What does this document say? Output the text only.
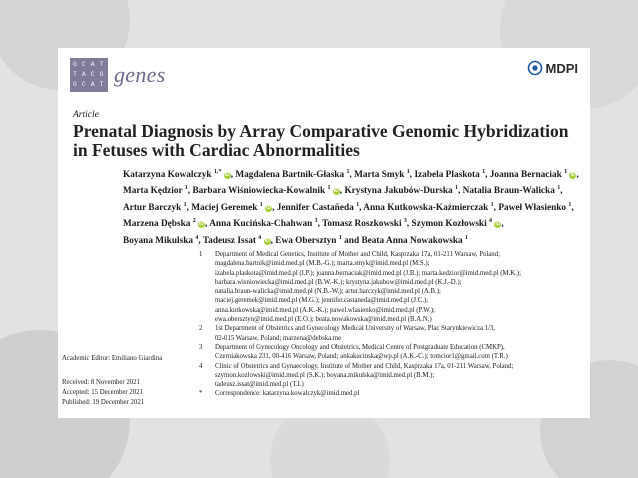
G C A T
T A C G
G C A T genes	MDPI
Article
Prenatal Diagnosis by Array Comparative Genomic Hybridization in Fetuses with Cardiac Abnormalities
Katarzyna Kowalczyk $^{1,*}$ iD, Magdalena Bartnik-Głaska $^1$, Marta Smyk $^1$, Izabela Plaskota $^1$, Joanna Bernaciak $^1$ iD,
Marta Kędzior $^1$, Barbara Wiśniowiecka-Kowalnik $^1$ iD, Krystyna Jakubów-Durska $^1$, Natalia Braun-Walicka $^1$,
Artur Barczyk $^1$, Maciej Geremek $^1$ iD, Jennifer Castañeda $^1$, Anna Kutkowska-Kaźmierczak $^1$, Paweł Własienko $^1$,
Marzena Dębska $^2$ iD, Anna Kucińska-Chahwan $^3$, Tomasz Roszkowski $^3$, Szymon Kozłowski $^4$ iD,
Boyana Mikulska $^4$, Tadeusz Issat $^4$ iD, Ewa Obersztyn $^1$ and Beata Anna Nowakowska $^1$
1	Department of Medical Genetics, Institute of Mother and Child, Kasprzaka 17a, 01-211 Warsaw, Poland;
magdalena.bartnik@imid.med.pl (M.B.-G.); marta.smyk@imid.med.pl (M.S.);
izabela.plaskota@imid.med.pl (I.P.); joanna.bernaciak@imid.med.pl (J.B.); marta.kedzior@imid.med.pl (M.K.);
barbara.wisniowiecka@imid.med.pl (B.W.-K.); krystyna.jakubow@imid.med.pl (K.J.-D.);
natalia.braun-walicka@imid.med.pl (N.B.-W.); artur.barczyk@imid.med.pl (A.B.);
maciej.geremek@imid.med.pl (M.G.); jennifer.castaneda@imid.med.pl (J.C.);
anna.kutkowska@imid.med.pl (A.K.-K.); pawel.wlasienko@imid.med.pl (P.W.);
ewa.obersztyn@imid.med.pl (E.O.); beata.nowakowska@imid.med.pl (B.A.N.)
2	1st Department of Obstetrics and Gynecology Medical University of Warsaw, Plac Starynkiewicza 1/3,
02-015 Warsaw, Poland; marzena@debska.me
3	Department of Gynecology Oncology and Obstetrics, Medical Centre of Postgraduate Education (CMKP),
Czerniakowska 231, 00-416 Warsaw, Poland; ankakucinska@wp.pl (A.K.-C.); tomcior1@gmail.com (T.R.)
4	Clinic of Obstetrics and Gynaecology, Institute of Mother and Child, Kasprzaka 17a, 01-211 Warsaw, Poland;
szymon.kozlowski@imid.med.pl (S.K.); boyana.mikulska@imid.med.pl (B.M.);
tadeusz.issat@imid.med.pl (T.I.)
*	Correspondence: katarzyna.kowalczyk@imid.med.pl
Academic Editor: Emiliano Giardina
Received: 8 November 2021
Accepted: 15 December 2021
Published: 19 December 2021
